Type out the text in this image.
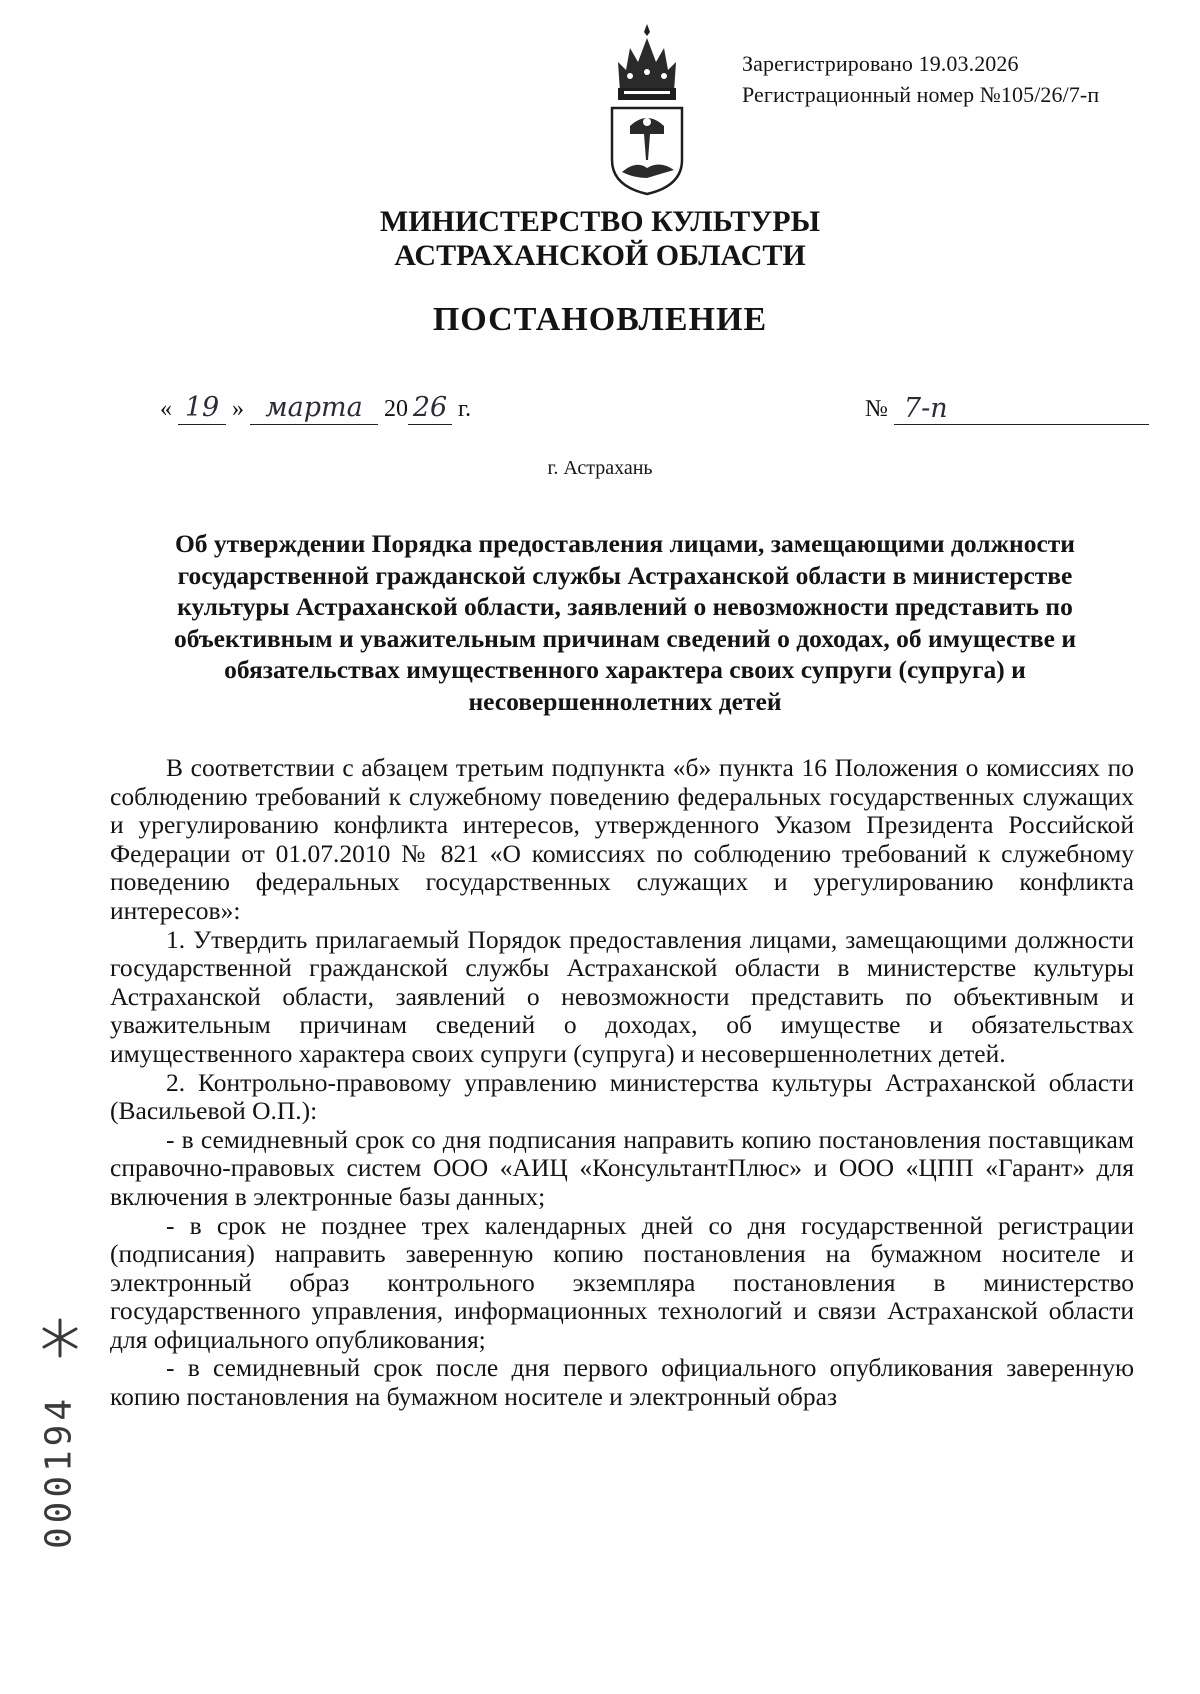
Зарегистрировано 19.03.2026
Регистрационный номер №105/26/7-п
МИНИСТЕРСТВО КУЛЬТУРЫ
АСТРАХАНСКОЙ ОБЛАСТИ
ПОСТАНОВЛЕНИЕ
« 19 » марта 20 26 г.	№ 7-п
г. Астрахань
Об утверждении Порядка предоставления лицами, замещающими должности государственной гражданской службы Астраханской области в министерстве культуры Астраханской области, заявлений о невозможности представить по объективным и уважительным причинам сведений о доходах, об имуществе и обязательствах имущественного характера своих супруги (супруга) и несовершеннолетних детей

В соответствии с абзацем третьим подпункта «б» пункта 16 Положения о комиссиях по соблюдению требований к служебному поведению федеральных государственных служащих и урегулированию конфликта интересов, утвержденного Указом Президента Российской Федерации от 01.07.2010 № 821 «О комиссиях по соблюдению требований к служебному поведению федеральных государственных служащих и урегулированию конфликта интересов»:

1. Утвердить прилагаемый Порядок предоставления лицами, замещающими должности государственной гражданской службы Астраханской области в министерстве культуры Астраханской области, заявлений о невозможности представить по объективным и уважительным причинам сведений о доходах, об имуществе и обязательствах имущественного характера своих супруги (супруга) и несовершеннолетних детей.

2. Контрольно-правовому управлению министерства культуры Астраханской области (Васильевой О.П.):

- в семидневный срок со дня подписания направить копию постановления поставщикам справочно-правовых систем ООО «АИЦ «КонсультантПлюс» и ООО «ЦПП «Гарант» для включения в электронные базы данных;

- в срок не позднее трех календарных дней со дня государственной регистрации (подписания) направить заверенную копию постановления на бумажном носителе и электронный образ контрольного экземпляра постановления в министерство государственного управления, информационных технологий и связи Астраханской области для официального опубликования;

- в семидневный срок после дня первого официального опубликования заверенную копию постановления на бумажном носителе и электронный образ

000194
